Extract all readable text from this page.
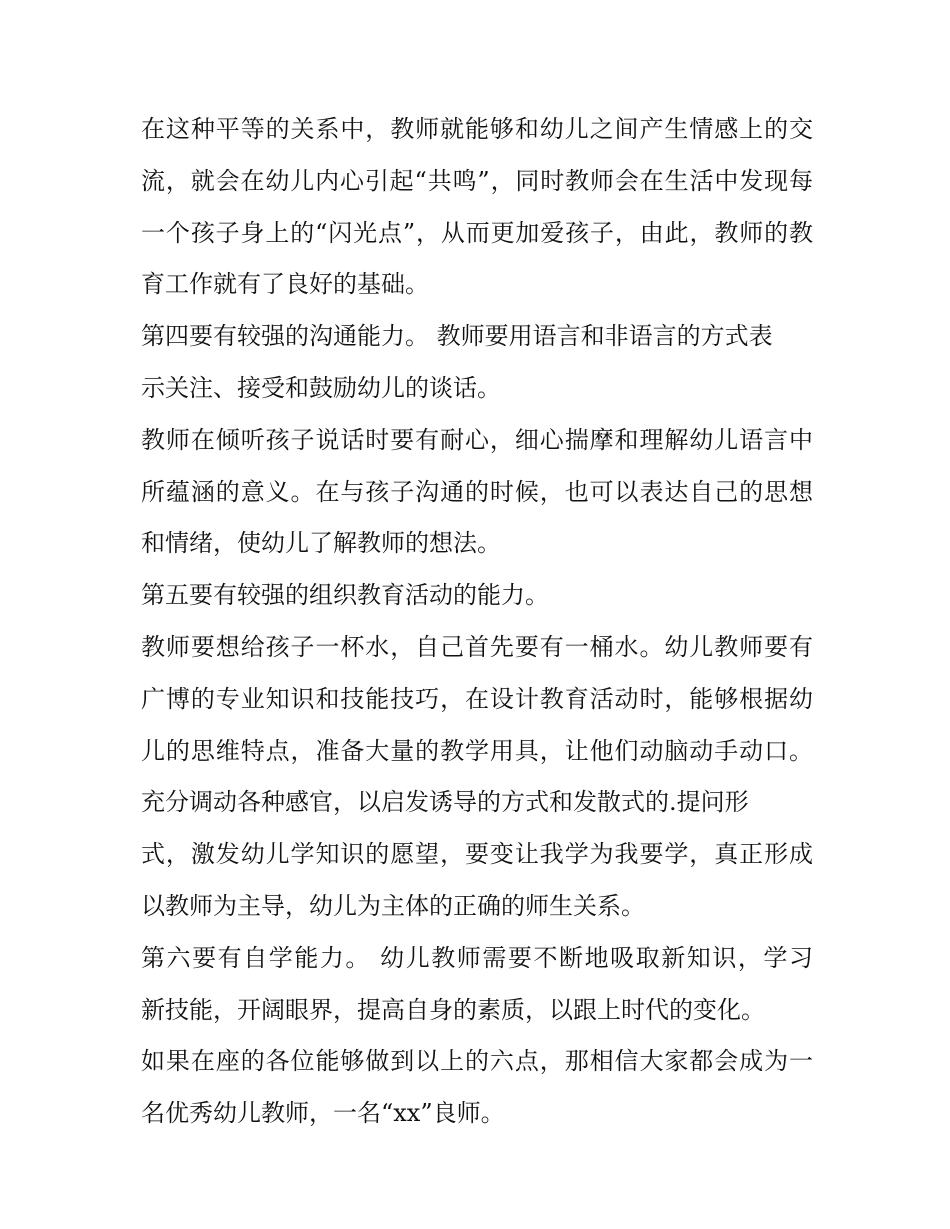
在这种平等的关系中，教师就能够和幼儿之间产生情感上的交
流，就会在幼儿内心引起“共鸣”，同时教师会在生活中发现每
一个孩子身上的“闪光点”，从而更加爱孩子，由此，教师的教
育工作就有了良好的基础。
第四要有较强的沟通能力。 教师要用语言和非语言的方式表
示关注、接受和鼓励幼儿的谈话。
教师在倾听孩子说话时要有耐心，细心揣摩和理解幼儿语言中
所蕴涵的意义。在与孩子沟通的时候，也可以表达自己的思想
和情绪，使幼儿了解教师的想法。
第五要有较强的组织教育活动的能力。
教师要想给孩子一杯水，自己首先要有一桶水。幼儿教师要有
广博的专业知识和技能技巧，在设计教育活动时，能够根据幼
儿的思维特点，准备大量的教学用具，让他们动脑动手动口。
充分调动各种感官，以启发诱导的方式和发散式的.提问形
式，激发幼儿学知识的愿望，要变让我学为我要学，真正形成
以教师为主导，幼儿为主体的正确的师生关系。
第六要有自学能力。 幼儿教师需要不断地吸取新知识，学习
新技能，开阔眼界，提高自身的素质，以跟上时代的变化。
如果在座的各位能够做到以上的六点，那相信大家都会成为一
名优秀幼儿教师，一名“xx”良师。
